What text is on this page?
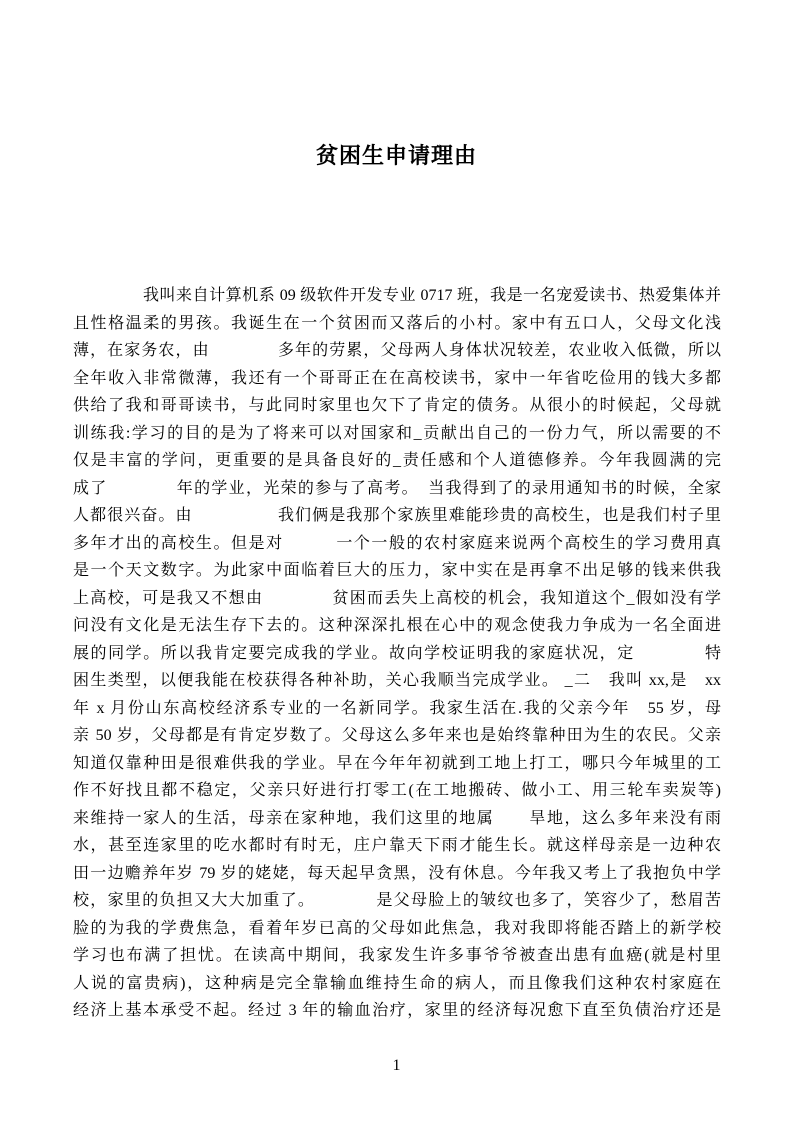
贫困生申请理由
我叫来自计算机系 09 级软件开发专业 0717 班，我是一名宠爱读书、热爱集体并
且性格温柔的男孩。我诞生在一个贫困而又落后的小村。家中有五口人，父母文化浅
薄，在家务农，由　　　　多年的劳累，父母两人身体状况较差，农业收入低微，所以
全年收入非常微薄，我还有一个哥哥正在在高校读书，家中一年省吃俭用的钱大多都
供给了我和哥哥读书，与此同时家里也欠下了肯定的债务。从很小的时候起，父母就
训练我:学习的目的是为了将来可以对国家和_贡献出自己的一份力气，所以需要的不
仅是丰富的学问，更重要的是具备良好的_责任感和个人道德修养。今年我圆满的完
成了　　　　年的学业，光荣的参与了高考。　当我得到了的录用通知书的时候，全家
人都很兴奋。由　　　　　我们俩是我那个家族里难能珍贵的高校生，也是我们村子里
多年才出的高校生。但是对　　　一个一般的农村家庭来说两个高校生的学习费用真
是一个天文数字。为此家中面临着巨大的压力，家中实在是再拿不出足够的钱来供我
上高校，可是我又不想由　　　　贫困而丢失上高校的机会，我知道这个_假如没有学
问没有文化是无法生存下去的。这种深深扎根在心中的观念使我力争成为一名全面进
展的同学。所以我肯定要完成我的学业。故向学校证明我的家庭状况，定　　　　特
困生类型，以便我能在校获得各种补助，关心我顺当完成学业。 _二　我叫 xx,是　xx
年 x 月份山东高校经济系专业的一名新同学。我家生活在.我的父亲今年　55 岁，母
亲 50 岁，父母都是有肯定岁数了。父母这么多年来也是始终靠种田为生的农民。父亲
知道仅靠种田是很难供我的学业。早在今年年初就到工地上打工，哪只今年城里的工
作不好找且都不稳定，父亲只好进行打零工(在工地搬砖、做小工、用三轮车卖炭等)
来维持一家人的生活，母亲在家种地，我们这里的地属　　旱地，这么多年来没有雨
水，甚至连家里的吃水都时有时无，庄户靠天下雨才能生长。就这样母亲是一边种农
田一边赡养年岁 79 岁的姥姥，每天起早贪黑，没有休息。今年我又考上了我抱负中学
校，家里的负担又大大加重了。　　　　是父母脸上的皱纹也多了，笑容少了，愁眉苦
脸的为我的学费焦急，看着年岁已高的父母如此焦急，我对我即将能否踏上的新学校
学习也布满了担忧。在读高中期间，我家发生许多事爷爷被查出患有血癌(就是村里
人说的富贵病)，这种病是完全靠输血维持生命的病人，而且像我们这种农村家庭在
经济上基本承受不起。经过 3 年的输血治疗，家里的经济每况愈下直至负债治疗还是
1
